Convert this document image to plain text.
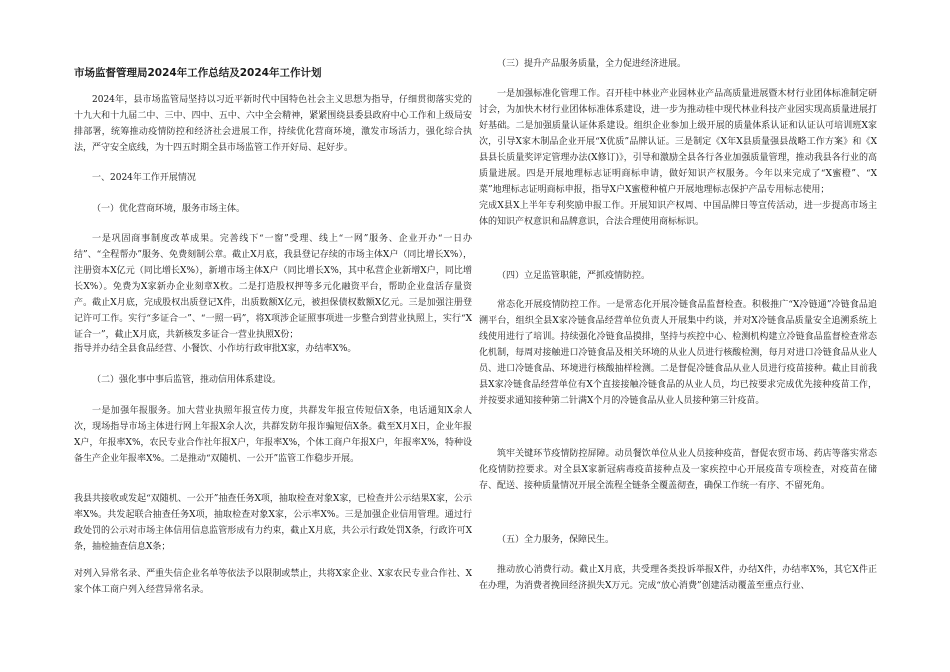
市场监督管理局2024年工作总结及2024年工作计划

2024年，县市场监管局坚持以习近平新时代中国特色社会主义思想为指导，仔细贯彻落实党的十九大和十九届二中、三中、四中、五中、六中全会精神，紧紧围绕县委县政府中心工作和上级局安排部署，统筹推动疫情防控和经济社会进展工作，持续优化营商环境，激发市场活力，强化综合执法，严守安全底线，为十四五时期全县市场监管工作开好局、起好步。

一、2024年工作开展情况

（一）优化营商环境，服务市场主体。

一是巩固商事制度改革成果。完善线下“一窗”受理、线上“一网”服务、企业开办“一日办结”、“全程帮办”服务、免费刻制公章。截止X月底，我县登记存续的市场主体X户（同比增长X%），注册资本X亿元（同比增长X%），新增市场主体X户（同比增长X%，其中私营企业新增X户，同比增长X%）。免费为X家新办企业刻章X枚。二是打造股权押等多元化融资平台，帮助企业盘活存量资产。截止X月底，完成股权出质登记X件，出质数额X亿元，被担保债权数额X亿元。三是加强注册登记许可工作。实行“多证合一”、“一照一码”，将X项涉企证照事项进一步整合到营业执照上，实行“X证合一”，截止X月底，共新核发多证合一营业执照X份；

指导并办结全县食品经营、小餐饮、小作坊行政审批X家，办结率X%。

（二）强化事中事后监管，推动信用体系建设。

一是加强年报服务。加大营业执照年报宣传力度，共群发年报宣传短信X条，电话通知X余人次，现场指导市场主体进行网上年报X余人次，共群发防年报诈骗短信X条。截至X月X日，企业年报X户，年报率X%，农民专业合作社年报X户，年报率X%，个体工商户年报X户，年报率X%，特种设备生产企业年报率X%。二是推动“双随机、一公开”监管工作稳步开展。

我县共接收或发起“双随机、一公开”抽查任务X项，抽取检查对象X家，已检查并公示结果X家，公示率X%。共发起联合抽查任务X项，抽取检查对象X家，公示率X%。三是加强企业信用管理。通过行政处罚的公示对市场主体信用信息监管形成有力约束，截止X月底，共公示行政处罚X条，行政许可X条，抽检抽查信息X条；

对列入异常名录、严重失信企业名单等依法予以限制或禁止，共将X家企业、X家农民专业合作社、X家个体工商户列入经营异常名录。

（三）提升产品服务质量，全力促进经济进展。

一是加强标准化管理工作。召开桂中林业产业园林业产品高质量进展暨木材行业团体标准制定研讨会，为加快木材行业团体标准体系建设，进一步为推动桂中现代林业科技产业园实现高质量进展打好基础。二是加强质量认证体系建设。组织企业参加上级开展的质量体系认证和认证认可培训班X家次，引导X家木制品企业开展“X优质”品牌认证。三是制定《X年X县质量强县战略工作方案》和《X县县长质量奖评定管理办法(X修订)》，引导和激励全县各行各业加强质量管理，推动我县各行业的高质量进展。四是开展地理标志证明商标申请，做好知识产权服务。今年以来完成了“X蜜橙”、“X菜”地理标志证明商标申报，指导X户X蜜橙种植户开展地理标志保护产品专用标志使用；

完成X县X上半年专利奖励申报工作。开展知识产权周、中国品牌日等宣传活动，进一步提高市场主体的知识产权意识和品牌意识，合法合理使用商标标识。

（四）立足监管职能，严抓疫情防控。

常态化开展疫情防控工作。一是常态化开展冷链食品监督检查。积极推广“X冷链通”冷链食品追溯平台，组织全县X家冷链食品经营单位负责人开展集中约谈，并对X冷链食品质量安全追溯系统上线使用进行了培训。持续强化冷链食品摸排，坚持与疾控中心、检测机构建立冷链食品监督检查常态化机制，每周对接触进口冷链食品及相关环境的从业人员进行核酸检测，每月对进口冷链食品从业人员、进口冷链食品、环境进行核酸抽样检测。二是督促冷链食品从业人员进行疫苗接种。截止目前我县X家冷链食品经营单位有X个直接接触冷链食品的从业人员，均已按要求完成优先接种疫苗工作，并按要求通知接种第二针满X个月的冷链食品从业人员接种第三针疫苗。

筑牢关键环节疫情防控屏障。动员餐饮单位从业人员接种疫苗，督促农贸市场、药店等落实常态化疫情防控要求。对全县X家新冠病毒疫苗接种点及一家疾控中心开展疫苗专项检查，对疫苗在储存、配送、接种质量情况开展全流程全链条全覆盖彻查，确保工作统一有序、不留死角。

（五）全力服务，保障民生。

推动放心消费行动。截止X月底，共受理各类投诉举报X件，办结X件，办结率X%，其它X件正在办理，为消费者挽回经济损失X万元。完成“放心消费”创建活动覆盖至重点行业、
